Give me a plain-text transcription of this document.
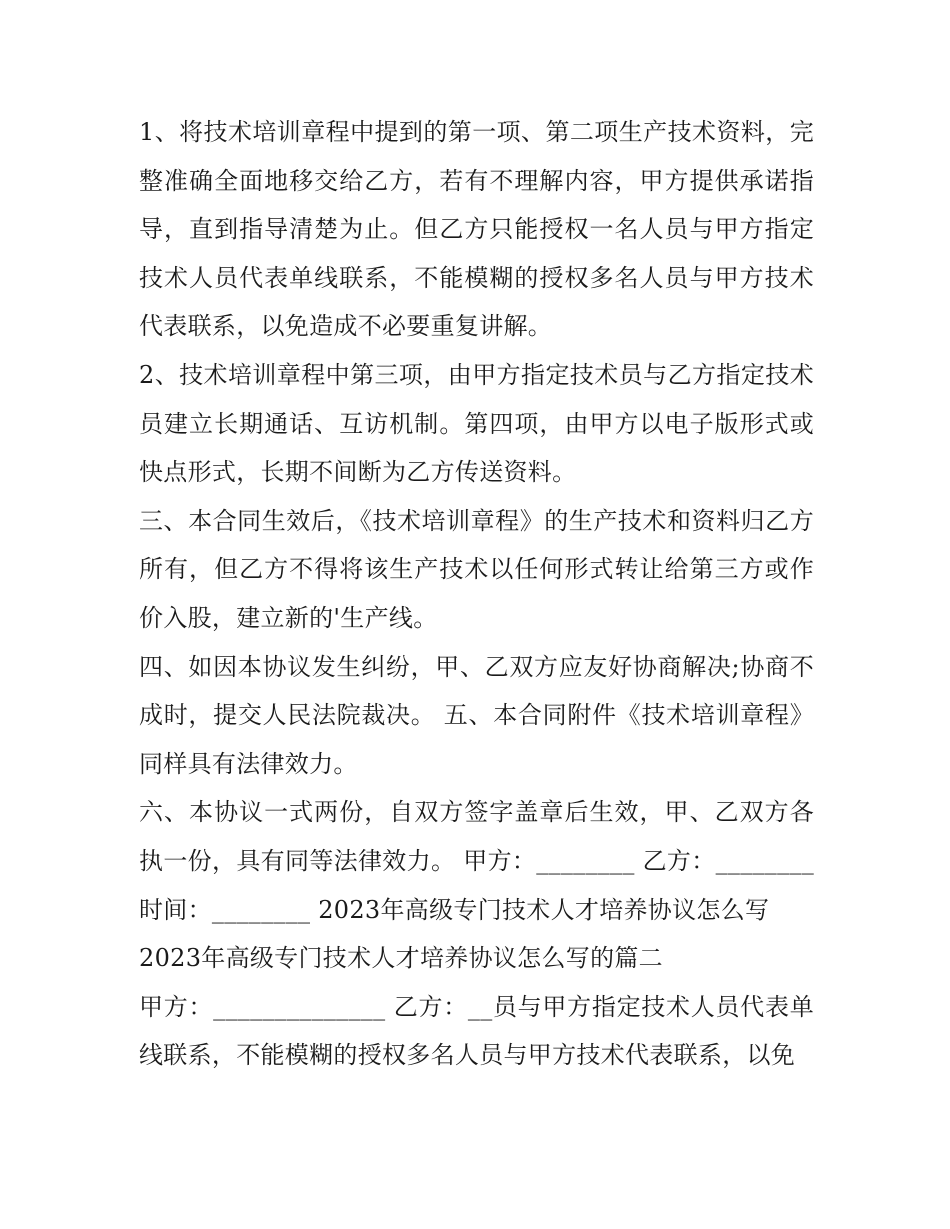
1、将技术培训章程中提到的第一项、第二项生产技术资料，完整准确全面地移交给乙方，若有不理解内容，甲方提供承诺指导，直到指导清楚为止。但乙方只能授权一名人员与甲方指定技术人员代表单线联系，不能模糊的授权多名人员与甲方技术代表联系，以免造成不必要重复讲解。

2、技术培训章程中第三项，由甲方指定技术员与乙方指定技术员建立长期通话、互访机制。第四项，由甲方以电子版形式或快点形式，长期不间断为乙方传送资料。

三、本合同生效后，《技术培训章程》的生产技术和资料归乙方所有，但乙方不得将该生产技术以任何形式转让给第三方或作价入股，建立新的'生产线。

四、如因本协议发生纠纷，甲、乙双方应友好协商解决;协商不成时，提交人民法院裁决。 五、本合同附件《技术培训章程》同样具有法律效力。

六、本协议一式两份，自双方签字盖章后生效，甲、乙双方各执一份，具有同等法律效力。 甲方：________ 乙方：________ 时间：________ 2023年高级专门技术人才培养协议怎么写

2023年高级专门技术人才培养协议怎么写的篇二

甲方：______________ 乙方：__员与甲方指定技术人员代表单线联系，不能模糊的授权多名人员与甲方技术代表联系，以免
